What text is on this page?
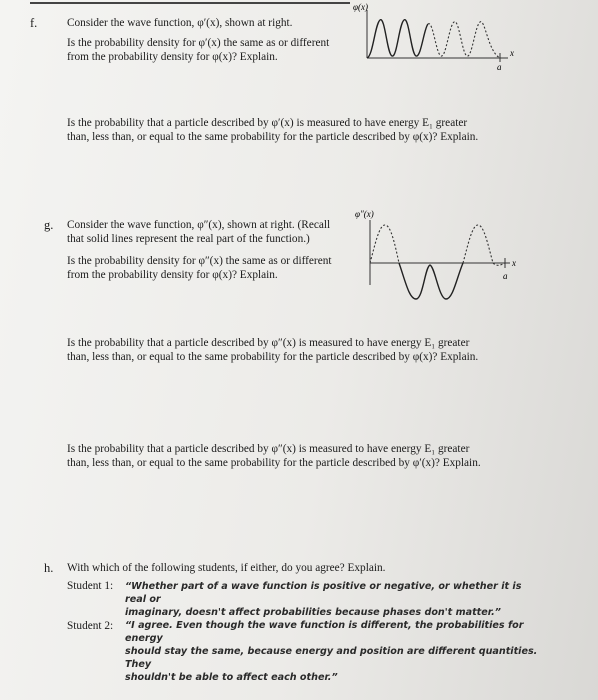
f.	Consider the wave function, φ′(x), shown at right.

Is the probability density for φ′(x) the same as or different

from the probability density for φ(x)? Explain.

Is the probability that a particle described by φ′(x) is measured to have energy E₁ greater

than, less than, or equal to the same probability for the particle described by φ(x)? Explain.

φ(x)
x
a
g. Consider the wave function, φ″(x), shown at right. (Recall

that solid lines represent the real part of the function.)

Is the probability density for φ″(x) the same as or different

from the probability density for φ(x)? Explain.

Is the probability that a particle described by φ″(x) is measured to have energy E₁ greater

than, less than, or equal to the same probability for the particle described by φ(x)? Explain.

Is the probability that a particle described by φ″(x) is measured to have energy E₁ greater

than, less than, or equal to the same probability for the particle described by φ′(x)? Explain.

φ″(x)
x
a
h. With which of the following students, if either, do you agree? Explain.
Student 1: “Whether part of a wave function is positive or negative, or whether it is real or

imaginary, doesn't affect probabilities because phases don't matter.”

Student 2: “I agree. Even though the wave function is different, the probabilities for energy

should stay the same, because energy and position are different quantities. They

shouldn't be able to affect each other.”
